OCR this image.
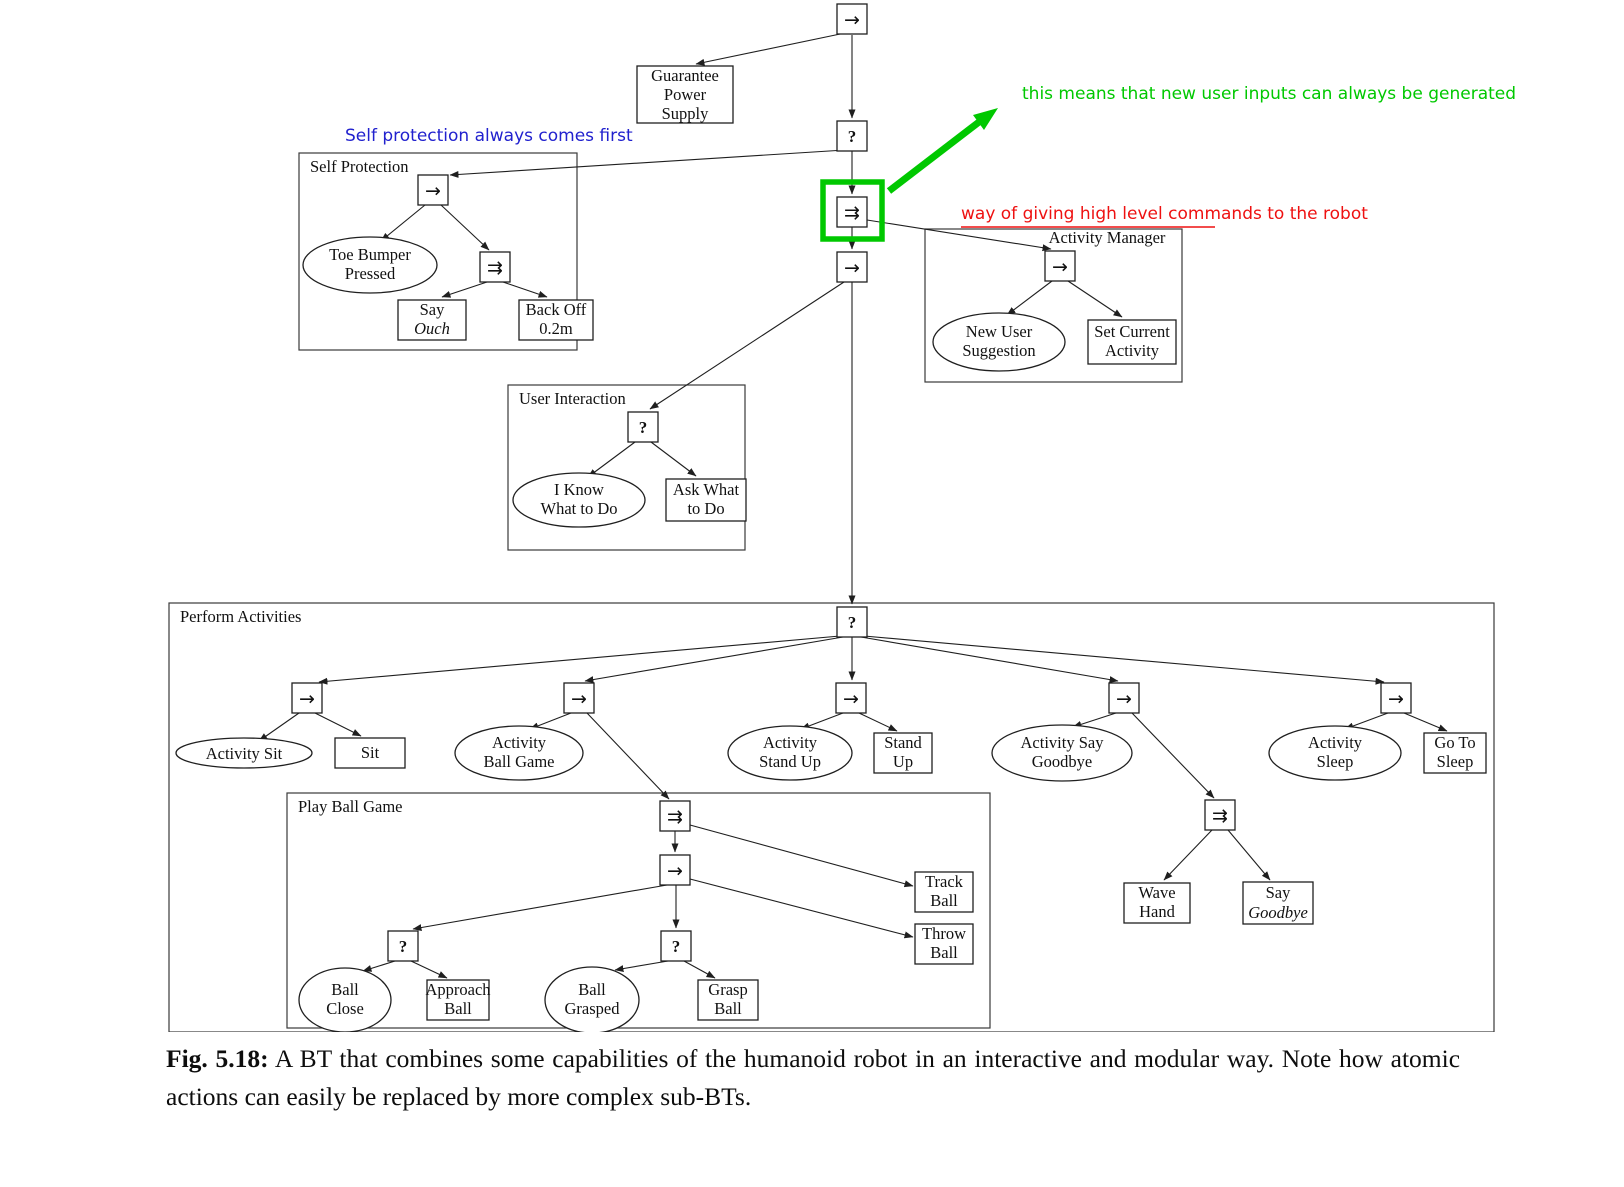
Self Protection
Activity Manager
User Interaction
Perform Activities
Play Ball Game
→
?
⇉
→
→
⇉	→
?
?
→	→	→	→	→
⇉
⇉
→
?	?
Guarantee
Power
Supply
Say
Ouch
Back Off
0.2m	Set Current
Activity
Ask What
to Do
Sit
Stand
Up
Go To
Sleep
Wave
Hand
Say
Goodbye
Track
Ball
Throw
Ball
Approach
Ball
Grasp
Ball
Toe Bumper
Pressed
New User
Suggestion
I Know
What to Do
Activity Sit
Activity
Ball Game
Activity
Stand Up
Activity Say
Goodbye
Activity
Sleep
Ball
Close
Ball
Grasped
Self protection always comes first
this means that new user inputs can always be generated
way of giving high level commands to the robot
Fig. 5.18: A BT that combines some capabilities of the humanoid robot in an interactive and modular way. Note how atomic actions can easily be replaced by more complex sub-BTs.
